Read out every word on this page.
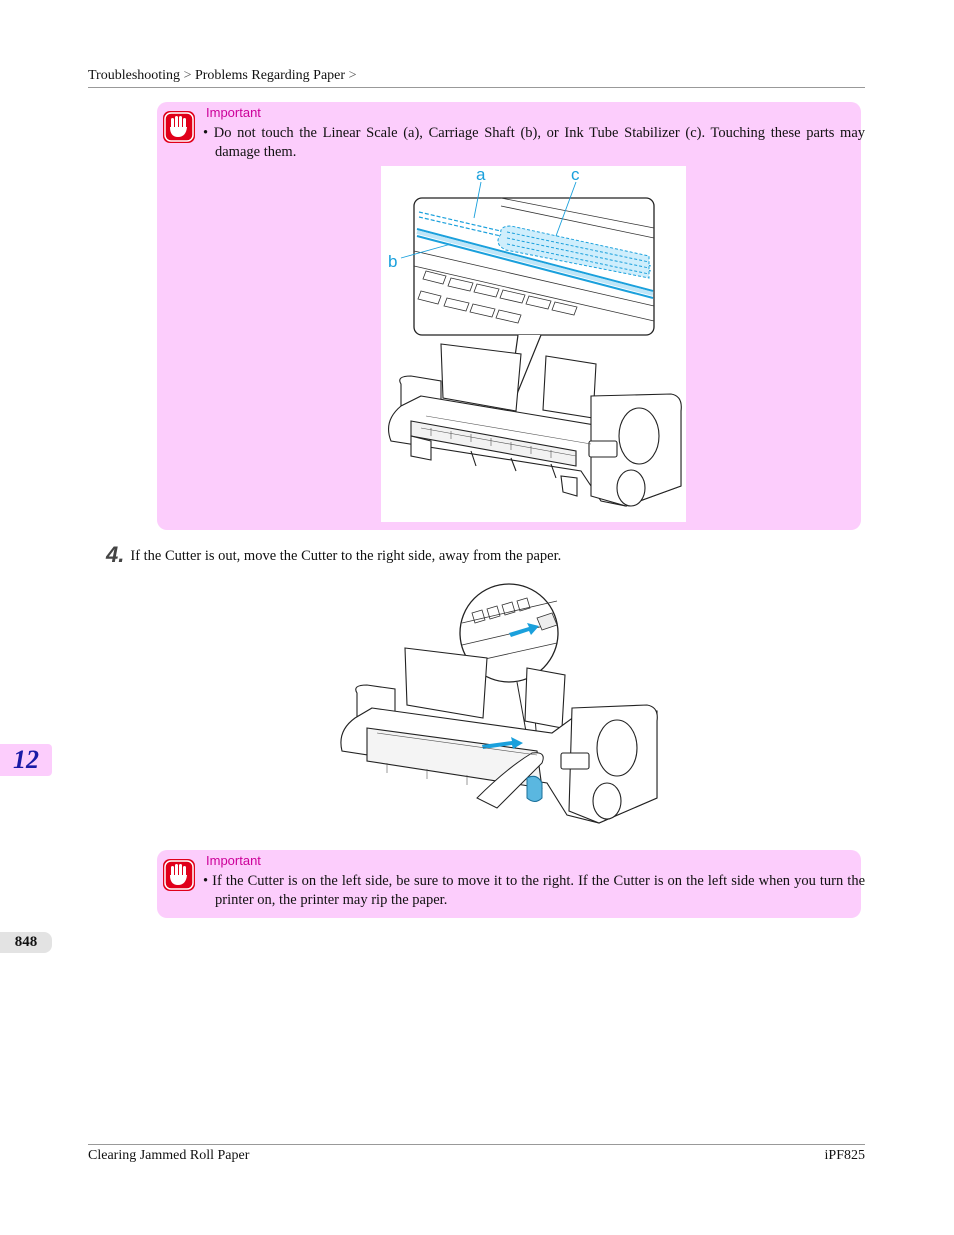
Troubleshooting > Problems Regarding Paper >
Important
• Do not touch the Linear Scale (a), Carriage Shaft (b), or Ink Tube Stabilizer (c). Touching these parts may damage them.
a	c
b
4. If the Cutter is out, move the Cutter to the right side, away from the paper.
Important
• If the Cutter is on the left side, be sure to move it to the right. If the Cutter is on the left side when you turn the printer on, the printer may rip the paper.
12
848
Clearing Jammed Roll Paper	iPF825
